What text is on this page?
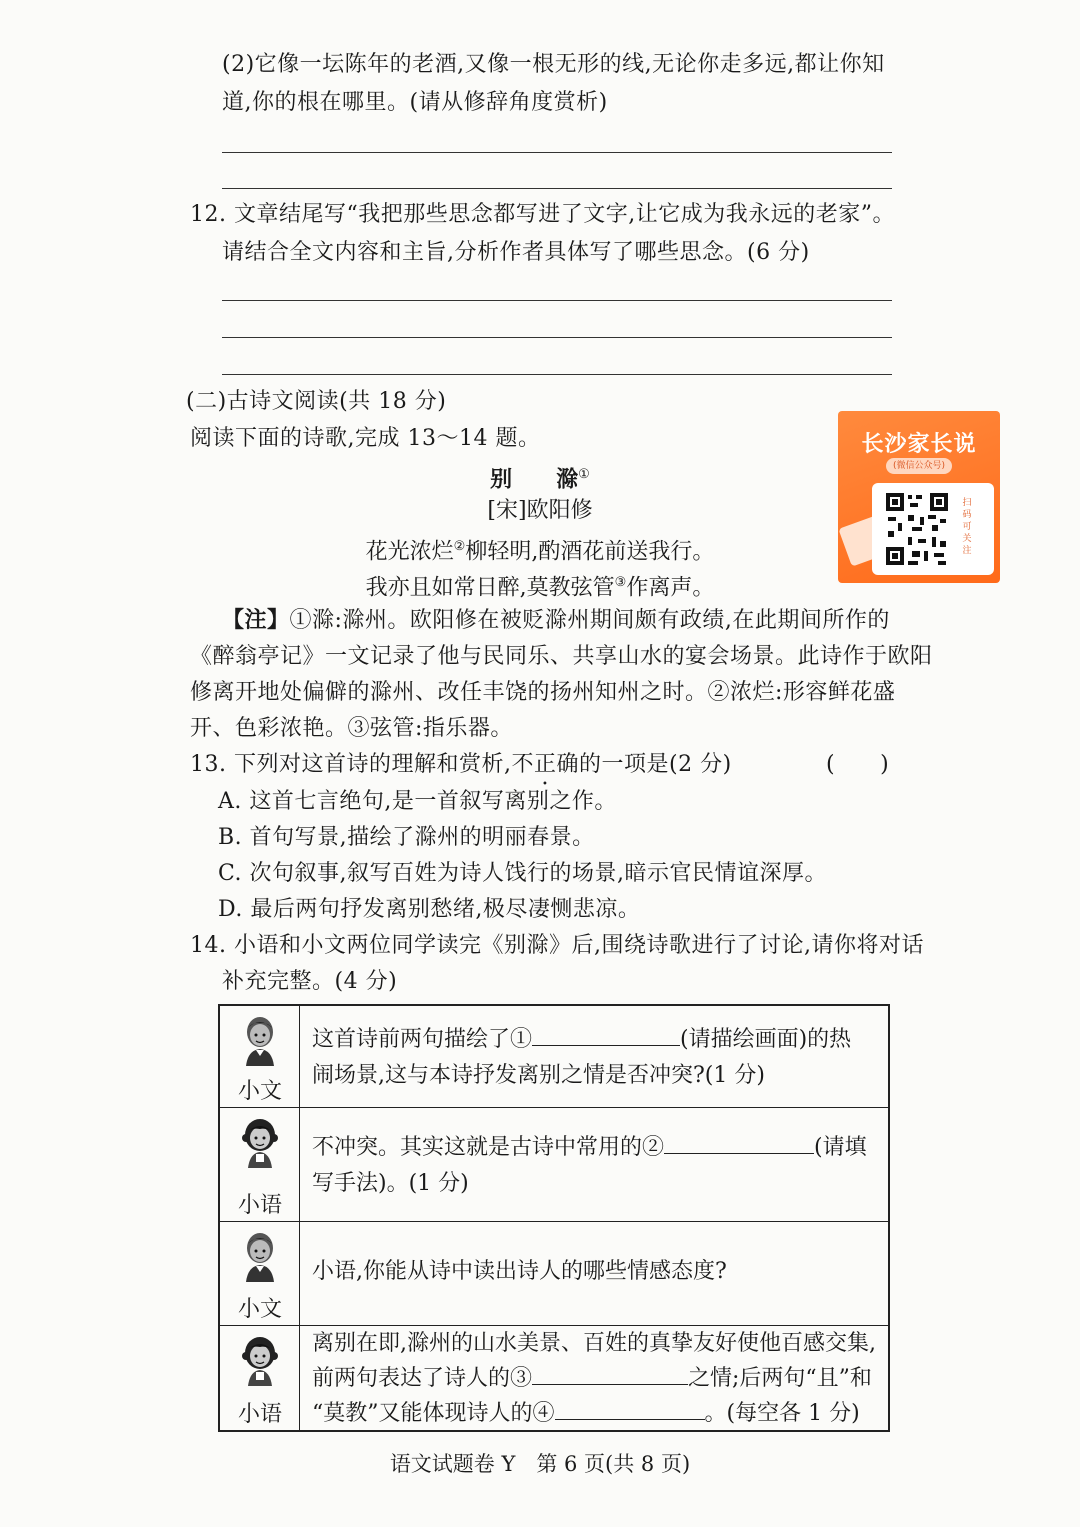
(2)它像一坛陈年的老酒,又像一根无形的线,无论你走多远,都让你知
道,你的根在哪里。(请从修辞角度赏析)
12. 文章结尾写“我把那些思念都写进了文字,让它成为我永远的老家”。
请结合全文内容和主旨,分析作者具体写了哪些思念。(6 分)
(二)古诗文阅读(共 18 分)
阅读下面的诗歌,完成 13～14 题。
别　　滁①
[宋]欧阳修
花光浓烂②柳轻明,酌酒花前送我行。
我亦且如常日醉,莫教弦管③作离声。
【注】①滁:滁州。欧阳修在被贬滁州期间颇有政绩,在此期间所作的
《醉翁亭记》一文记录了他与民同乐、共享山水的宴会场景。此诗作于欧阳
修离开地处偏僻的滁州、改任丰饶的扬州知州之时。②浓烂:形容鲜花盛
开、色彩浓艳。③弦管:指乐器。
13. 下列对这首诗的理解和赏析,不正确的一项是(2 分)	(　　)
A. 这首七言绝句,是一首叙写离别之作。
B. 首句写景,描绘了滁州的明丽春景。
C. 次句叙事,叙写百姓为诗人饯行的场景,暗示官民情谊深厚。
D. 最后两句抒发离别愁绪,极尽凄恻悲凉。
14. 小语和小文两位同学读完《别滁》后,围绕诗歌进行了讨论,请你将对话
补充完整。(4 分)
小文
这首诗前两句描绘了①	(请描绘画面)的热
闹场景,这与本诗抒发离别之情是否冲突?(1 分)
小语
不冲突。其实这就是古诗中常用的②	(请填
写手法)。(1 分)
小文
小语,你能从诗中读出诗人的哪些情感态度?
小语
离别在即,滁州的山水美景、百姓的真挚友好使他百感交集,
前两句表达了诗人的③	之情;后两句“且”和
“莫教”又能体现诗人的④	。(每空各 1 分)
长沙家长说
(微信公众号)
扫码可关注
语文试题卷 Y　第 6 页(共 8 页)
